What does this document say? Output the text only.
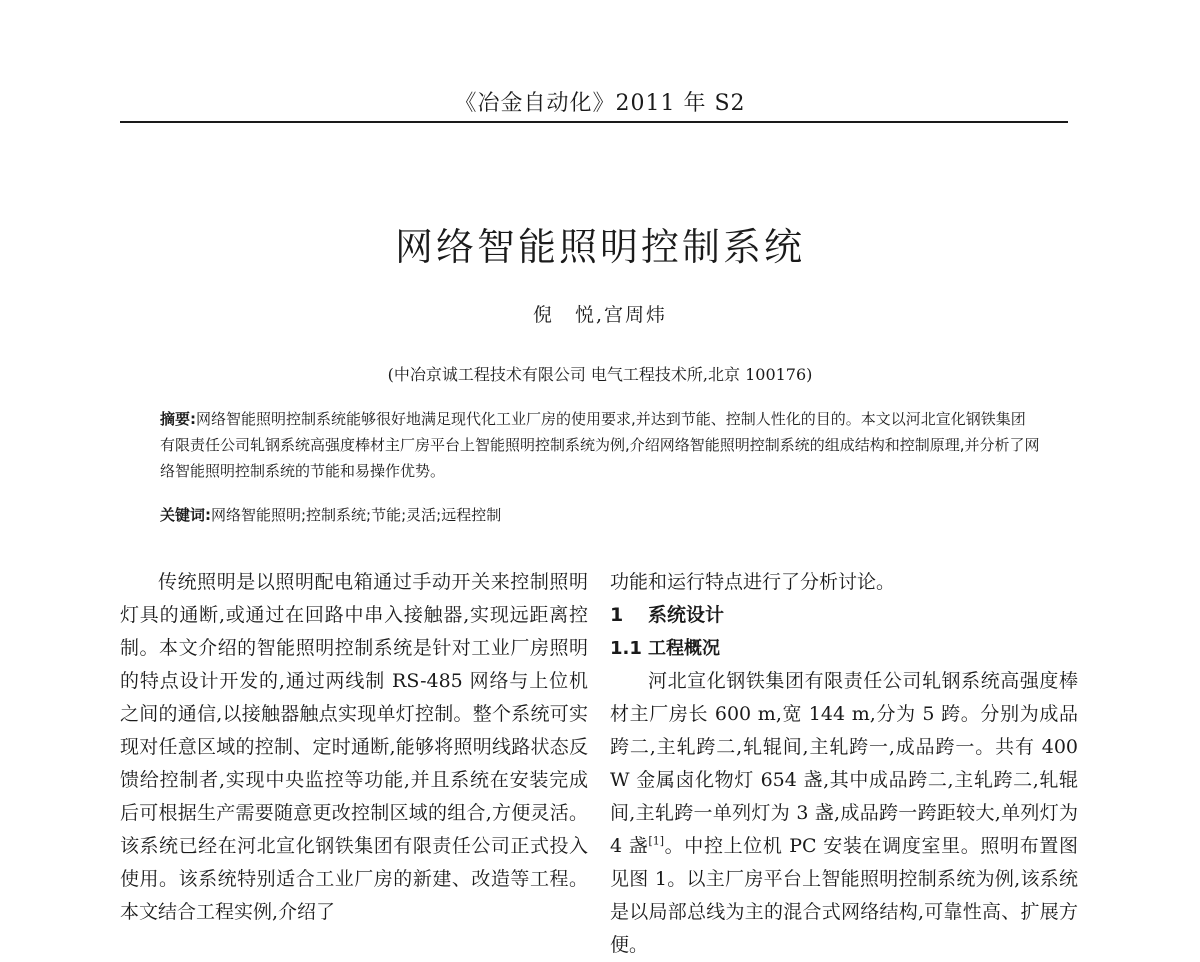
《冶金自动化》2011 年 S2
网络智能照明控制系统
倪　悦,宫周炜
(中冶京诚工程技术有限公司 电气工程技术所,北京 100176)
摘要:网络智能照明控制系统能够很好地满足现代化工业厂房的使用要求,并达到节能、控制人性化的目的。本文以河北宣化钢铁集团有限责任公司轧钢系统高强度棒材主厂房平台上智能照明控制系统为例,介绍网络智能照明控制系统的组成结构和控制原理,并分析了网络智能照明控制系统的节能和易操作优势。
关键词:网络智能照明;控制系统;节能;灵活;远程控制

传统照明是以照明配电箱通过手动开关来控制照明灯具的通断,或通过在回路中串入接触器,实现远距离控制。本文介绍的智能照明控制系统是针对工业厂房照明的特点设计开发的,通过两线制 RS-485 网络与上位机之间的通信,以接触器触点实现单灯控制。整个系统可实现对任意区域的控制、定时通断,能够将照明线路状态反馈给控制者,实现中央监控等功能,并且系统在安装完成后可根据生产需要随意更改控制区域的组合,方便灵活。该系统已经在河北宣化钢铁集团有限责任公司正式投入使用。该系统特别适合工业厂房的新建、改造等工程。本文结合工程实例,介绍了

功能和运行特点进行了分析讨论。

1 系统设计

1.1 工程概况

河北宣化钢铁集团有限责任公司轧钢系统高强度棒材主厂房长 600 m,宽 144 m,分为 5 跨。分别为成品跨二,主轧跨二,轧辊间,主轧跨一,成品跨一。共有 400 W 金属卤化物灯 654 盏,其中成品跨二,主轧跨二,轧辊间,主轧跨一单列灯为 3 盏,成品跨一跨距较大,单列灯为 4 盏[1]。中控上位机 PC 安装在调度室里。照明布置图见图 1。以主厂房平台上智能照明控制系统为例,该系统是以局部总线为主的混合式网络结构,可靠性高、扩展方便。
